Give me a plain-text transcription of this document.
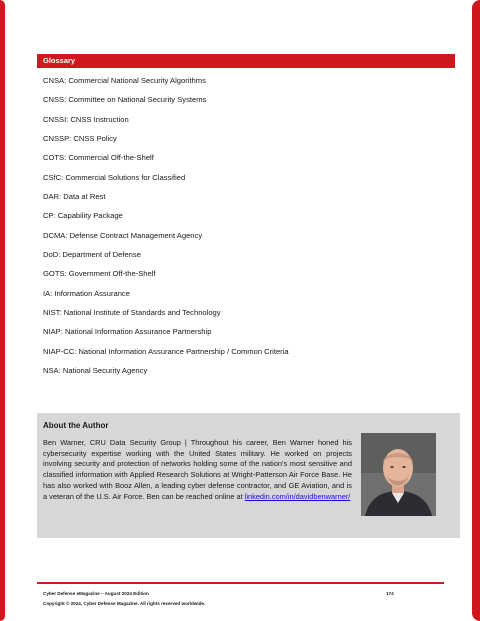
Glossary
CNSA: Commercial National Security Algorithms
CNSS: Committee on National Security Systems
CNSSI: CNSS Instruction
CNSSP: CNSS Policy
COTS: Commercial Off-the-Shelf
CSfC: Commercial Solutions for Classified
DAR: Data at Rest
CP: Capability Package
DCMA: Defense Contract Management Agency
DoD: Department of Defense
GOTS: Government Off-the-Shelf
IA: Information Assurance
NIST: National Institute of Standards and Technology
NIAP: National Information Assurance Partnership
NIAP-CC: National Information Assurance Partnership / Common Criteria
NSA: National Security Agency
About the Author

Ben Warner, CRU Data Security Group | Throughout his career, Ben Warner honed his cybersecurity expertise working with the United States military. He worked on projects involving security and protection of networks holding some of the nation's most sensitive and classified information with Applied Research Solutions at Wright-Patterson Air Force Base. He has also worked with Booz Allen, a leading cyber defense contractor, and GE Aviation, and is a veteran of the U.S. Air Force. Ben can be reached online at linkedin.com/in/davidbenwarner/

Cyber Defense eMagazine – August 2024 Edition	174
Copyright © 2024, Cyber Defense Magazine. All rights reserved worldwide.
